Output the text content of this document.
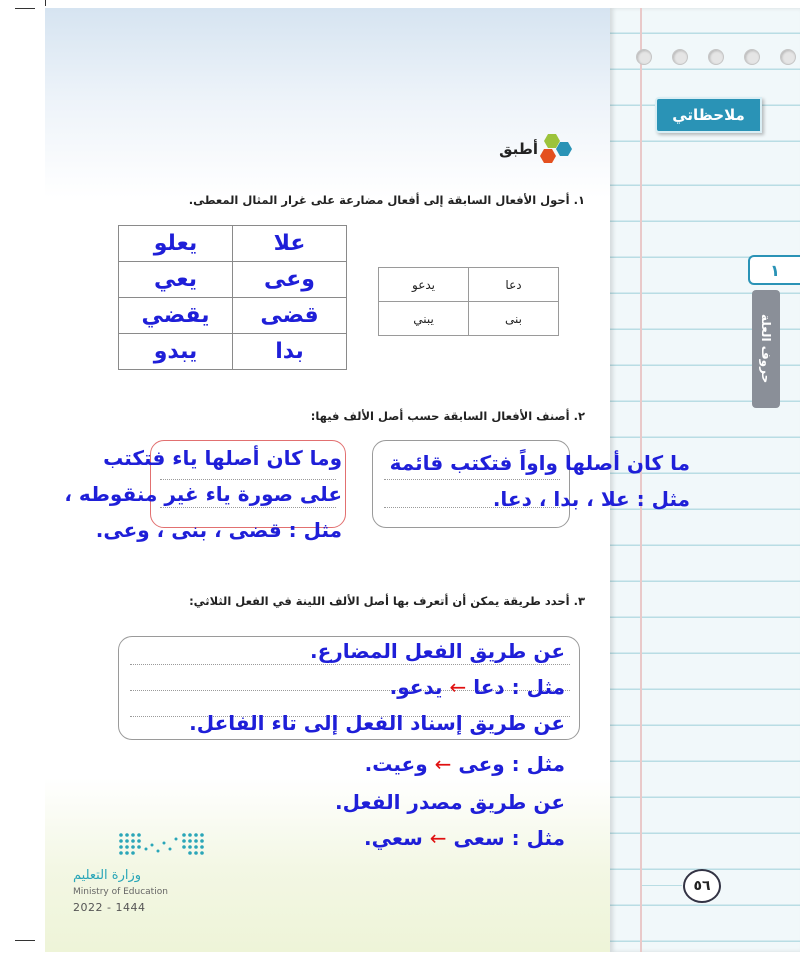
ملاحظاتي
١
حروف العلة
أطبق
١. أحول الأفعال السابقة إلى أفعال مضارعة على غرار المثال المعطى.
يدعو	دعا
يبني	بنى
يعلو	علا
يعي	وعى
يقضي	قضى
يبدو	بدا
٢. أصنف الأفعال السابقة حسب أصل الألف فيها:
ما كان أصلها واواً فتكتب قائمة
مثل : علا ، بدا ، دعا.
وما كان أصلها ياء فتكتب
على صورة ياء غير منقوطه ،
مثل : قضى ، بنى ، وعى.
٣. أحدد طريقة يمكن أن أتعرف بها أصل الألف اللينة في الفعل الثلاثي:
عن طريق الفعل المضارع.
مثل : دعا ← يدعو.
عن طريق إسناد الفعل إلى تاء الفاعل.
مثل : وعى ← وعيت.
عن طريق مصدر الفعل.
مثل : سعى ← سعي.
وزارة التعليم
Ministry of Education
2022 - 1444
٥٦
